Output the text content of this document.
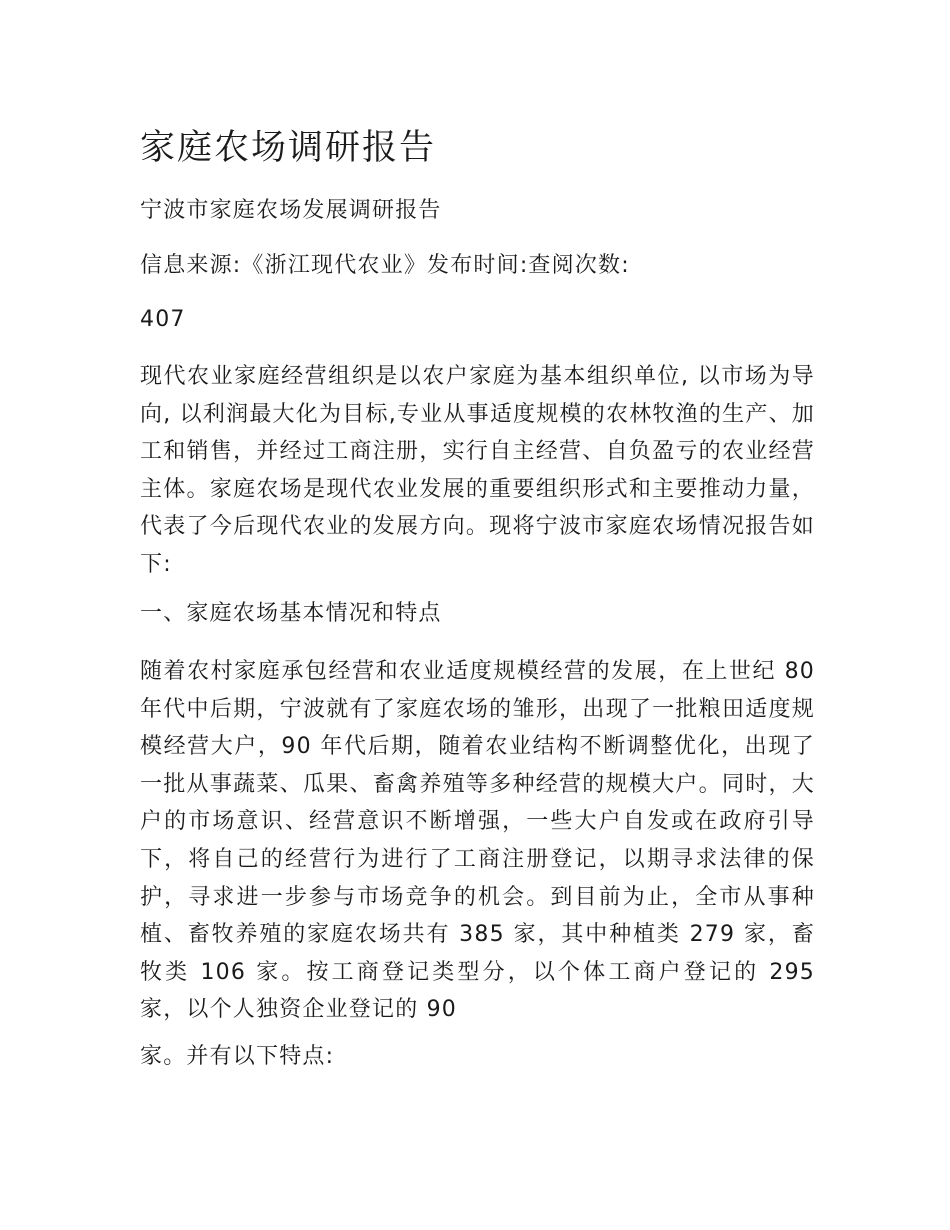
家庭农场调研报告
宁波市家庭农场发展调研报告
信息来源:《浙江现代农业》发布时间:查阅次数:
407
现代农业家庭经营组织是以农户家庭为基本组织单位, 以市场为导向, 以利润最大化为目标,专业从事适度规模的农林牧渔的生产、加工和销售，并经过工商注册，实行自主经营、自负盈亏的农业经营主体。家庭农场是现代农业发展的重要组织形式和主要推动力量，代表了今后现代农业的发展方向。现将宁波市家庭农场情况报告如下:
一、家庭农场基本情况和特点
随着农村家庭承包经营和农业适度规模经营的发展，在上世纪 80 年代中后期，宁波就有了家庭农场的雏形，出现了一批粮田适度规模经营大户，90 年代后期，随着农业结构不断调整优化，出现了一批从事蔬菜、瓜果、畜禽养殖等多种经营的规模大户。同时，大户的市场意识、经营意识不断增强，一些大户自发或在政府引导下，将自己的经营行为进行了工商注册登记，以期寻求法律的保护，寻求进一步参与市场竞争的机会。到目前为止，全市从事种植、畜牧养殖的家庭农场共有 385 家，其中种植类 279 家，畜牧类 106 家。按工商登记类型分，以个体工商户登记的 295 家，以个人独资企业登记的 90
家。并有以下特点:
